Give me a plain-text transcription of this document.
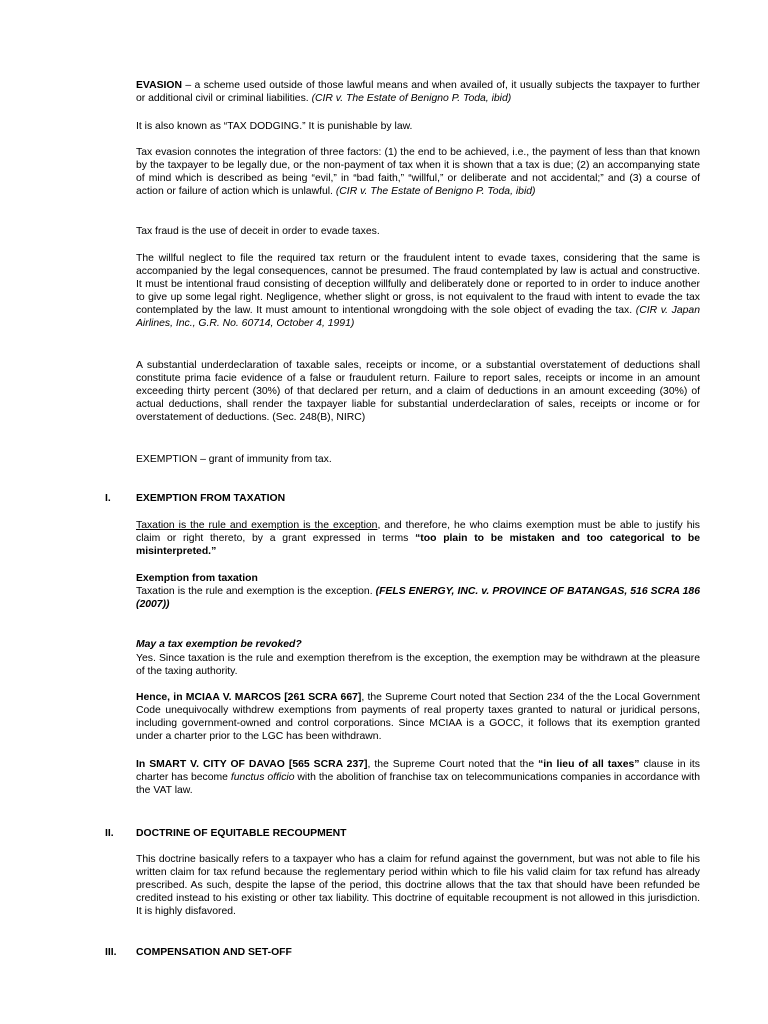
EVASION – a scheme used outside of those lawful means and when availed of, it usually subjects the taxpayer to further or additional civil or criminal liabilities. (CIR v. The Estate of Benigno P. Toda, ibid)

It is also known as “TAX DODGING.” It is punishable by law.

Tax evasion connotes the integration of three factors: (1) the end to be achieved, i.e., the payment of less than that known by the taxpayer to be legally due, or the non-payment of tax when it is shown that a tax is due; (2) an accompanying state of mind which is described as being “evil,” in “bad faith,” “willful,” or deliberate and not accidental;” and (3) a course of action or failure of action which is unlawful. (CIR v. The Estate of Benigno P. Toda, ibid)

Tax fraud is the use of deceit in order to evade taxes.

The willful neglect to file the required tax return or the fraudulent intent to evade taxes, considering that the same is accompanied by the legal consequences, cannot be presumed. The fraud contemplated by law is actual and constructive. It must be intentional fraud consisting of deception willfully and deliberately done or reported to in order to induce another to give up some legal right. Negligence, whether slight or gross, is not equivalent to the fraud with intent to evade the tax contemplated by the law. It must amount to intentional wrongdoing with the sole object of evading the tax. (CIR v. Japan Airlines, Inc., G.R. No. 60714, October 4, 1991)

A substantial underdeclaration of taxable sales, receipts or income, or a substantial overstatement of deductions shall constitute prima facie evidence of a false or fraudulent return. Failure to report sales, receipts or income in an amount exceeding thirty percent (30%) of that declared per return, and a claim of deductions in an amount exceeding (30%) of actual deductions, shall render the taxpayer liable for substantial underdeclaration of sales, receipts or income or for overstatement of deductions. (Sec. 248(B), NIRC)

EXEMPTION – grant of immunity from tax.

I. EXEMPTION FROM TAXATION

Taxation is the rule and exemption is the exception, and therefore, he who claims exemption must be able to justify his claim or right thereto, by a grant expressed in terms “too plain to be mistaken and too categorical to be misinterpreted.”

Exemption from taxation

Taxation is the rule and exemption is the exception. (FELS ENERGY, INC. v. PROVINCE OF BATANGAS, 516 SCRA 186 (2007))

May a tax exemption be revoked?

Yes. Since taxation is the rule and exemption therefrom is the exception, the exemption may be withdrawn at the pleasure of the taxing authority.

Hence, in MCIAA V. MARCOS [261 SCRA 667], the Supreme Court noted that Section 234 of the the Local Government Code unequivocally withdrew exemptions from payments of real property taxes granted to natural or juridical persons, including government-owned and control corporations. Since MCIAA is a GOCC, it follows that its exemption granted under a charter prior to the LGC has been withdrawn.

In SMART V. CITY OF DAVAO [565 SCRA 237], the Supreme Court noted that the “in lieu of all taxes” clause in its charter has become functus officio with the abolition of franchise tax on telecommunications companies in accordance with the VAT law.

II. DOCTRINE OF EQUITABLE RECOUPMENT

This doctrine basically refers to a taxpayer who has a claim for refund against the government, but was not able to file his written claim for tax refund because the reglementary period within which to file his valid claim for tax refund has already prescribed. As such, despite the lapse of the period, this doctrine allows that the tax that should have been refunded be credited instead to his existing or other tax liability. This doctrine of equitable recoupment is not allowed in this jurisdiction. It is highly disfavored.

III. COMPENSATION AND SET-OFF
